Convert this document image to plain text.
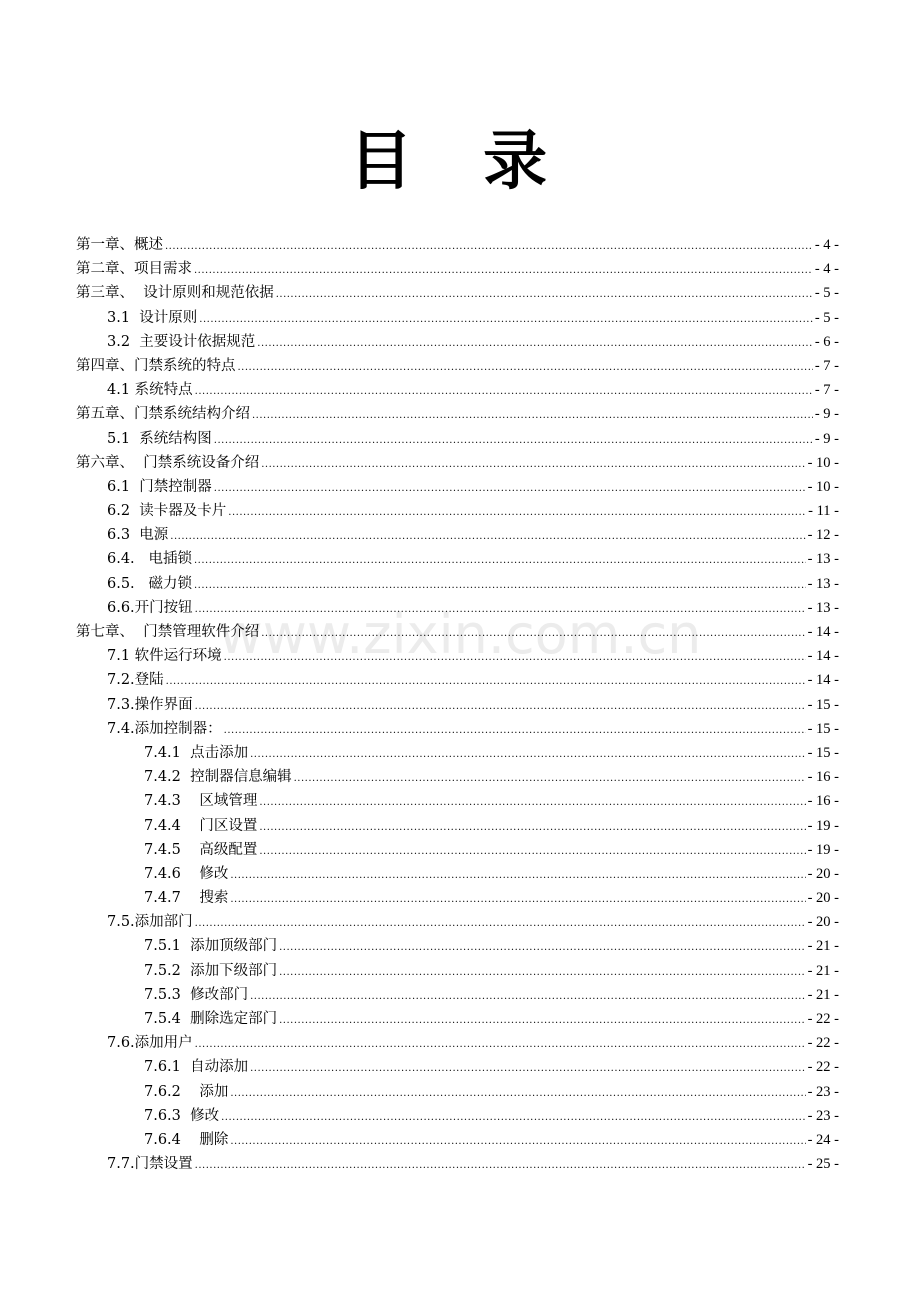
目 录
www.zixin.com.cn
第一章、概述 .....	- 4 -
第二章、项目需求 .....	- 4 -
第三章、  设计原则和规范依据 .....	- 5 -
3.1  设计原则 .....	- 5 -
3.2  主要设计依据规范 .....	- 6 -
第四章、门禁系统的特点 .....	- 7 -
4.1 系统特点 .....	- 7 -
第五章、门禁系统结构介绍 .....	- 9 -
5.1  系统结构图 .....	- 9 -
第六章、  门禁系统设备介绍 .....	- 10 -
6.1  门禁控制器 .....	- 10 -
6.2  读卡器及卡片 .....	- 11 -
6.3  电源 .....	- 12 -
6.4.   电插锁 .....	- 13 -
6.5.   磁力锁 .....	- 13 -
6.6.开门按钮 .....	- 13 -
第七章、  门禁管理软件介绍 .....	- 14 -
7.1 软件运行环境 .....	- 14 -
7.2.登陆 .....	- 14 -
7.3.操作界面 .....	- 15 -
7.4.添加控制器： .....	- 15 -
7.4.1  点击添加 .....	- 15 -
7.4.2  控制器信息编辑 .....	- 16 -
7.4.3    区域管理 .....	- 16 -
7.4.4    门区设置 .....	- 19 -
7.4.5    高级配置 .....	- 19 -
7.4.6    修改 .....	- 20 -
7.4.7    搜索 .....	- 20 -
7.5.添加部门 .....	- 20 -
7.5.1  添加顶级部门 .....	- 21 -
7.5.2  添加下级部门 .....	- 21 -
7.5.3  修改部门 .....	- 21 -
7.5.4  删除选定部门 .....	- 22 -
7.6.添加用户 .....	- 22 -
7.6.1  自动添加 .....	- 22 -
7.6.2    添加 .....	- 23 -
7.6.3  修改 .....	- 23 -
7.6.4    删除 .....	- 24 -
7.7.门禁设置 .....	- 25 -
